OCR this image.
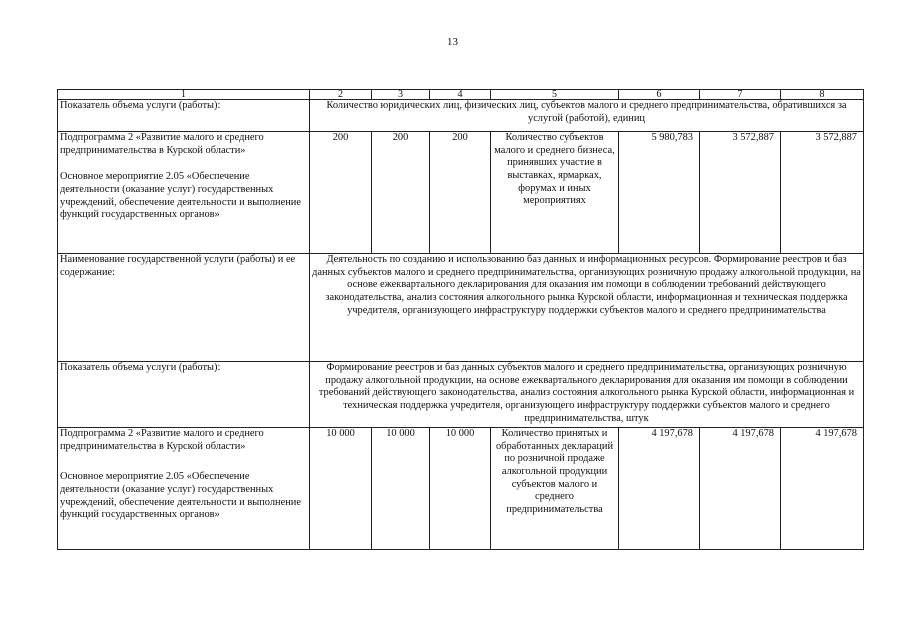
13
1	2	3	4	5	6	7	8
Показатель объема услуги (работы):	Количество юридических лиц, физических лиц, субъектов малого и среднего предпринимательства, обратившихся за услугой (работой), единиц						
Подпрограмма 2 «Развитие малого и среднего предпринимательства в Курской области»
Основное мероприятие 2.05 «Обеспечение деятельности (оказание услуг) государственных учреждений, обеспечение деятельности и выполнение функций государственных органов»	200	200	200	Количество субъектов малого и среднего бизнеса, принявших участие в выставках, ярмарках, форумах и иных мероприятиях	5 980,783	3 572,887	3 572,887
Наименование государственной услуги (работы) и ее содержание:	Деятельность по созданию и использованию баз данных и информационных ресурсов. Формирование реестров и баз данных субъектов малого и среднего предпринимательства, организующих розничную продажу алкогольной продукции, на основе ежеквартального декларирования для оказания им помощи в соблюдении требований действующего законодательства, анализ состояния алкогольного рынка Курской области, информационная и техническая поддержка учредителя, организующего инфраструктуру поддержки субъектов малого и среднего предпринимательства						
Показатель объема услуги (работы):	Формирование реестров и баз данных субъектов малого и среднего предпринимательства, организующих розничную продажу алкогольной продукции, на основе ежеквартального декларирования для оказания им помощи в соблюдении требований действующего законодательства, анализ состояния алкогольного рынка Курской области, информационная и техническая поддержка учредителя, организующего инфраструктуру поддержки субъектов малого и среднего предпринимательства, штук						

Подпрограмма 2 «Развитие малого и среднего предпринимательства в Курской области»
Основное мероприятие 2.05 «Обеспечение деятельности (оказание услуг) государственных учреждений, обеспечение деятельности и выполнение функций государственных органов»	10 000	10 000	10 000	Количество принятых и обработанных деклараций по розничной продаже алкогольной продукции субъектов малого и среднего предпринимательства	4 197,678	4 197,678	4 197,678
